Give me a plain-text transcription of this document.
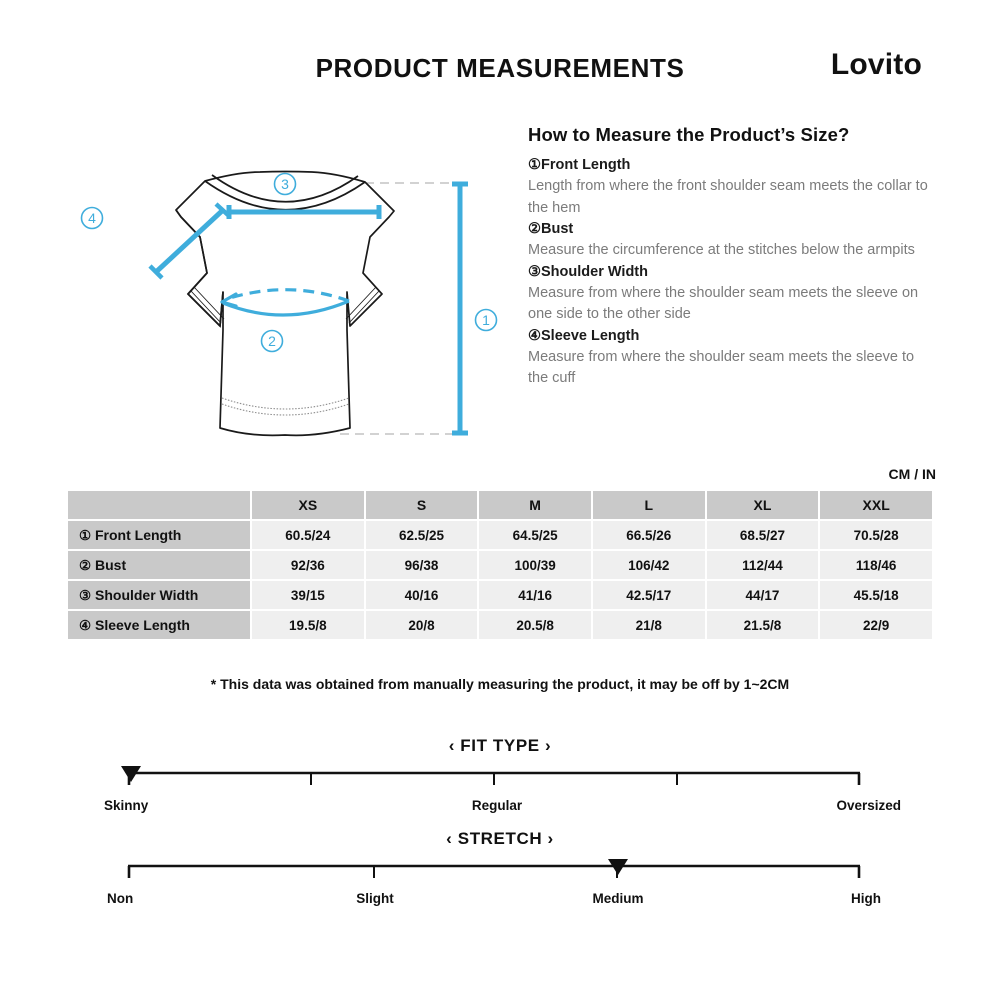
PRODUCT MEASUREMENTS	Lovito
3
4
2
1
How to Measure the Product’s Size?
①Front Length
Length from where the front shoulder seam meets the collar to the hem
②Bust
Measure the circumference at the stitches below the armpits
③Shoulder Width
Measure from where the shoulder seam meets the sleeve on one side to the other side
④Sleeve Length
Measure from where the shoulder seam meets the sleeve to the cuff
CM / IN
	XS	S	M	L	XL	XXL
① Front Length	60.5/24	62.5/25	64.5/25	66.5/26	68.5/27	70.5/28
② Bust	92/36	96/38	100/39	106/42	112/44	118/46
③ Shoulder Width	39/15	40/16	41/16	42.5/17	44/17	45.5/18
④ Sleeve Length	19.5/8	20/8	20.5/8	21/8	21.5/8	22/9
* This data was obtained from manually measuring the product, it may be off by 1~2CM
‹ FIT TYPE ›
Skinny	Regular	Oversized
‹ STRETCH ›
Non	Slight	Medium	High
